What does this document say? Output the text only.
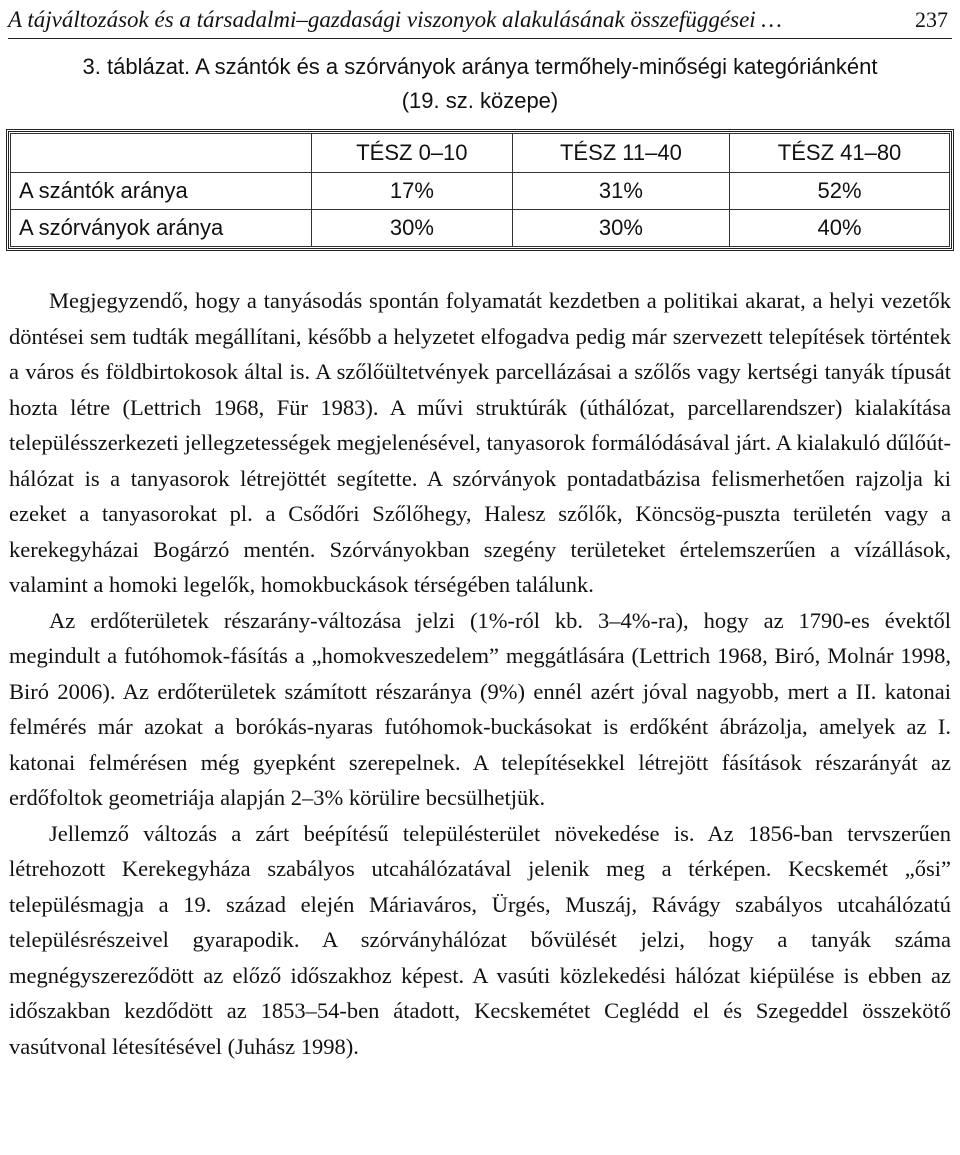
A tájváltozások és a társadalmi–gazdasági viszonyok alakulásának összefüggései …	237
3. táblázat. A szántók és a szórványok aránya termőhely-minőségi kategóriánként
(19. sz. közepe)
	TÉSZ 0–10	TÉSZ 11–40	TÉSZ 41–80
A szántók aránya	17%	31%	52%
A szórványok aránya	30%	30%	40%

Megjegyzendő, hogy a tanyásodás spontán folyamatát kezdetben a politikai akarat, a helyi vezetők döntései sem tudták megállítani, később a helyzetet elfogadva pedig már szervezett telepítések történtek a város és földbirtokosok által is. A szőlőültetvények parcellázásai a szőlős vagy kertségi tanyák típusát hozta létre (Lettrich 1968, Für 1983). A művi struktúrák (úthálózat, parcellarendszer) kialakítása településszerkezeti jellegzetességek megjelenésével, tanyasorok formálódásával járt. A kialakuló dűlőút-hálózat is a tanyasorok létrejöttét segítette. A szórványok pontadatbázisa felismerhetően rajzolja ki ezeket a tanyasorokat pl. a Csődőri Szőlőhegy, Halesz szőlők, Köncsög-puszta területén vagy a kerekegyházai Bogárzó mentén. Szórványokban szegény területeket értelemszerűen a vízállások, valamint a homoki legelők, homokbuckások térségében találunk.

Az erdőterületek részarány-változása jelzi (1%-ról kb. 3–4%-ra), hogy az 1790-es évektől megindult a futóhomok-fásítás a „homokveszedelem” meggátlására (Lettrich 1968, Biró, Molnár 1998, Biró 2006). Az erdőterületek számított részaránya (9%) ennél azért jóval nagyobb, mert a II. katonai felmérés már azokat a borókás-nyaras futóhomok-buckásokat is erdőként ábrázolja, amelyek az I. katonai felmérésen még gyepként szerepelnek. A telepítésekkel létrejött fásítások részarányát az erdőfoltok geometriája alapján 2–3% körülire becsülhetjük.

Jellemző változás a zárt beépítésű településterület növekedése is. Az 1856-ban tervszerűen létrehozott Kerekegyháza szabályos utcahálózatával jelenik meg a térképen. Kecskemét „ősi” településmagja a 19. század elején Máriaváros, Ürgés, Muszáj, Rávágy szabályos utcahálózatú településrészeivel gyarapodik. A szórványhálózat bővülését jelzi, hogy a tanyák száma megnégyszereződött az előző időszakhoz képest. A vasúti közlekedési hálózat kiépülése is ebben az időszakban kezdődött az 1853–54-ben átadott, Kecskemétet Ceglédd el és Szegeddel összekötő vasútvonal létesítésével (Juhász 1998).
